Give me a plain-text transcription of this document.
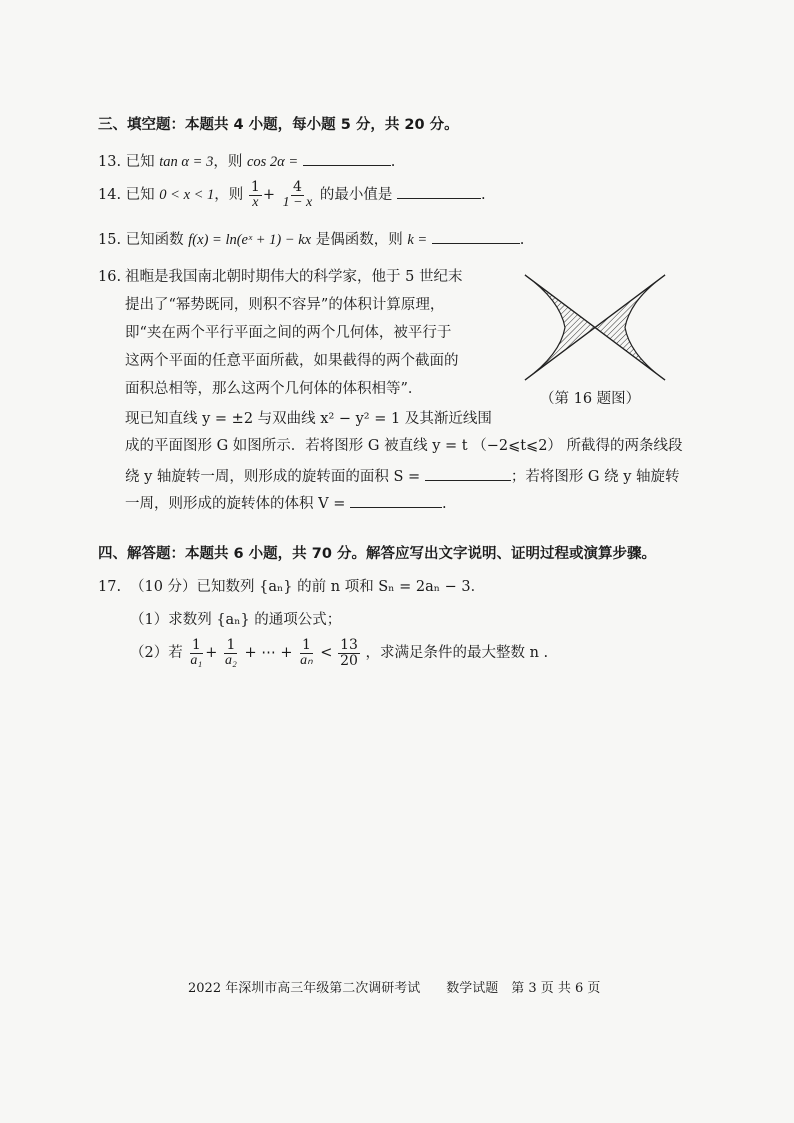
三、填空题：本题共 4 小题，每小题 5 分，共 20 分。
13. 已知 tan α = 3，则 cos 2α =	.
14. 已知 0 < x < 1，则 $\frac{1}{x} + \frac{4}{1 - x}$ 的最小值是	.
15. 已知函数 f(x) = ln(eˣ + 1) − kx 是偶函数，则 k =	.
16. 祖暅是我国南北朝时期伟大的科学家，他于 5 世纪末
提出了“幂势既同，则积不容异”的体积计算原理，
即“夹在两个平行平面之间的两个几何体，被平行于
这两个平面的任意平面所截，如果截得的两个截面的
面积总相等，那么这两个几何体的体积相等”．
现已知直线 y = ±2 与双曲线 x² − y² = 1 及其渐近线围
成的平面图形 G 如图所示．若将图形 G 被直线 y = t （−2⩽t⩽2） 所截得的两条线段
绕 y 轴旋转一周，则形成的旋转面的面积 S =	；若将图形 G 绕 y 轴旋转
一周，则形成的旋转体的体积 V =	.
（第 16 题图）
四、解答题：本题共 6 小题，共 70 分。解答应写出文字说明、证明过程或演算步骤。
17. （10 分）已知数列 {aₙ} 的前 n 项和 Sₙ = 2aₙ − 3．
（1）求数列 {aₙ} 的通项公式；
（2）若 $\frac{1}{\text{a₁}} + \frac{1}{\text{a₂}}$ + ⋯ + $\frac{1}{\text{aₙ}} < \frac{13}{20}$ ，求满足条件的最大整数 n .
2022 年深圳市高三年级第二次调研考试　　数学试题　第 3 页 共 6 页
